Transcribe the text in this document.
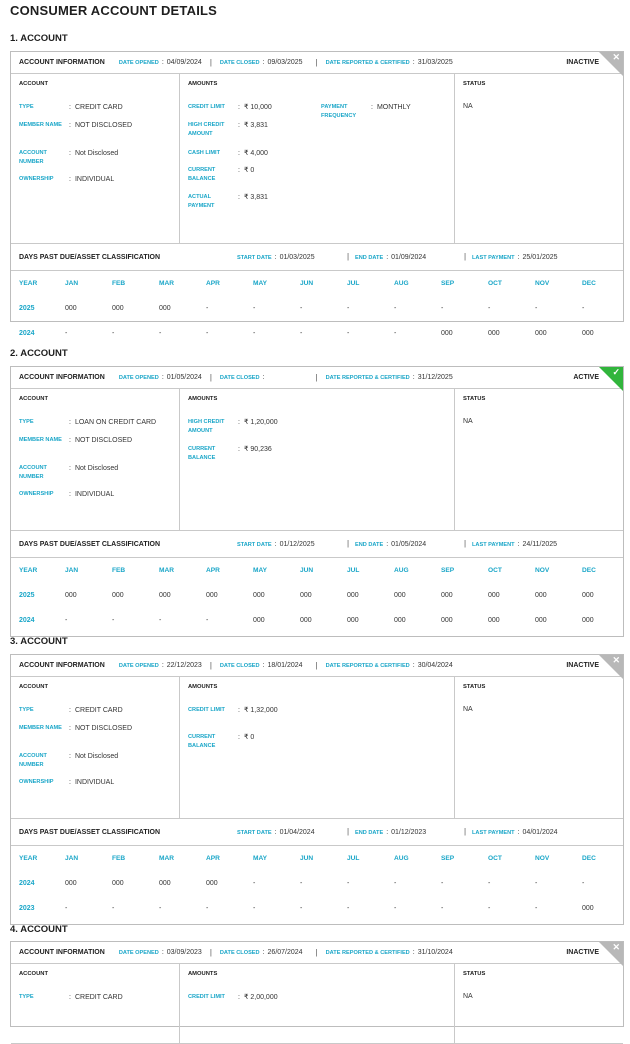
CONSUMER ACCOUNT DETAILS
1. ACCOUNT
ACCOUNT INFORMATION	DATE OPENED : 04/09/2024 | DATE CLOSED : 09/03/2025	| DATE REPORTED & CERTIFIED : 31/03/2025	INACTIVE
✕
ACCOUNT
TYPE	: CREDIT CARD
MEMBER NAME	: NOT DISCLOSED
ACCOUNT NUMBER
: Not Disclosed
OWNERSHIP	: INDIVIDUAL
AMOUNTS
CREDIT LIMIT	: ₹ 10,000
HIGH CREDIT AMOUNT
: ₹ 3,831
CASH LIMIT	: ₹ 4,000
CURRENT BALANCE
: ₹ 0
ACTUAL PAYMENT
: ₹ 3,831
PAYMENT FREQUENCY
: MONTHLY
STATUS
NA
DAYS PAST DUE/ASSET CLASSIFICATION	START DATE : 01/03/2025	| END DATE : 01/09/2024	| LAST PAYMENT : 25/01/2025
YEAR	JAN	FEB	MAR	APR	MAY	JUN	JUL	AUG	SEP	OCT	NOV	DEC
2025	000	000	000	-	-	-	-	-	-	-	-	-
2024	-	-	-	-	-	-	-	-	000	000	000	000
2. ACCOUNT
ACCOUNT INFORMATION	DATE OPENED : 01/05/2024 | DATE CLOSED :	| DATE REPORTED & CERTIFIED : 31/12/2025	ACTIVE
✓
ACCOUNT
TYPE	: LOAN ON CREDIT CARD
MEMBER NAME	: NOT DISCLOSED
ACCOUNT NUMBER
: Not Disclosed
OWNERSHIP	: INDIVIDUAL
AMOUNTS
HIGH CREDIT AMOUNT
: ₹ 1,20,000
CURRENT BALANCE
: ₹ 90,236
STATUS
NA
DAYS PAST DUE/ASSET CLASSIFICATION	START DATE : 01/12/2025	| END DATE : 01/05/2024	| LAST PAYMENT : 24/11/2025
YEAR	JAN	FEB	MAR	APR	MAY	JUN	JUL	AUG	SEP	OCT	NOV	DEC
2025	000	000	000	000	000	000	000	000	000	000	000	000
2024	-	-	-	-	000	000	000	000	000	000	000	000
3. ACCOUNT
ACCOUNT INFORMATION	DATE OPENED : 22/12/2023 | DATE CLOSED : 18/01/2024	| DATE REPORTED & CERTIFIED : 30/04/2024	INACTIVE
✕
ACCOUNT
TYPE	: CREDIT CARD
MEMBER NAME	: NOT DISCLOSED
ACCOUNT NUMBER
: Not Disclosed
OWNERSHIP	: INDIVIDUAL
AMOUNTS
CREDIT LIMIT	: ₹ 1,32,000
CURRENT BALANCE
: ₹ 0
STATUS
NA
DAYS PAST DUE/ASSET CLASSIFICATION	START DATE : 01/04/2024	| END DATE : 01/12/2023	| LAST PAYMENT : 04/01/2024
YEAR	JAN	FEB	MAR	APR	MAY	JUN	JUL	AUG	SEP	OCT	NOV	DEC
2024	000	000	000	000	-	-	-	-	-	-	-	-
2023	-	-	-	-	-	-	-	-	-	-	-	000
4. ACCOUNT
ACCOUNT INFORMATION	DATE OPENED : 03/09/2023 | DATE CLOSED : 26/07/2024	| DATE REPORTED & CERTIFIED : 31/10/2024	INACTIVE
✕
ACCOUNT
TYPE	: CREDIT CARD
AMOUNTS
CREDIT LIMIT	: ₹ 2,00,000
STATUS
NA
